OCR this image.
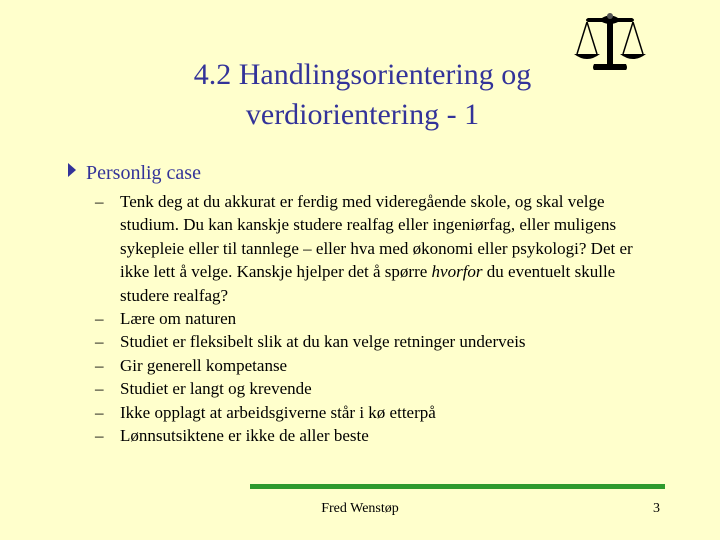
4.2 Handlingsorientering og
verdiorientering - 1
Personlig case
– Tenk deg at du akkurat er ferdig med videregående skole, og skal velge studium. Du kan kanskje studere realfag eller ingeniørfag, eller muligens sykepleie eller til tannlege – eller hva med økonomi eller psykologi? Det er ikke lett å velge. Kanskje hjelper det å spørre hvorfor du eventuelt skulle studere realfag?
– Lære om naturen
– Studiet er fleksibelt slik at du kan velge retninger underveis
– Gir generell kompetanse
– Studiet er langt og krevende
– Ikke opplagt at arbeidsgiverne står i kø etterpå
– Lønnsutsiktene er ikke de aller beste
Fred Wenstøp	3
